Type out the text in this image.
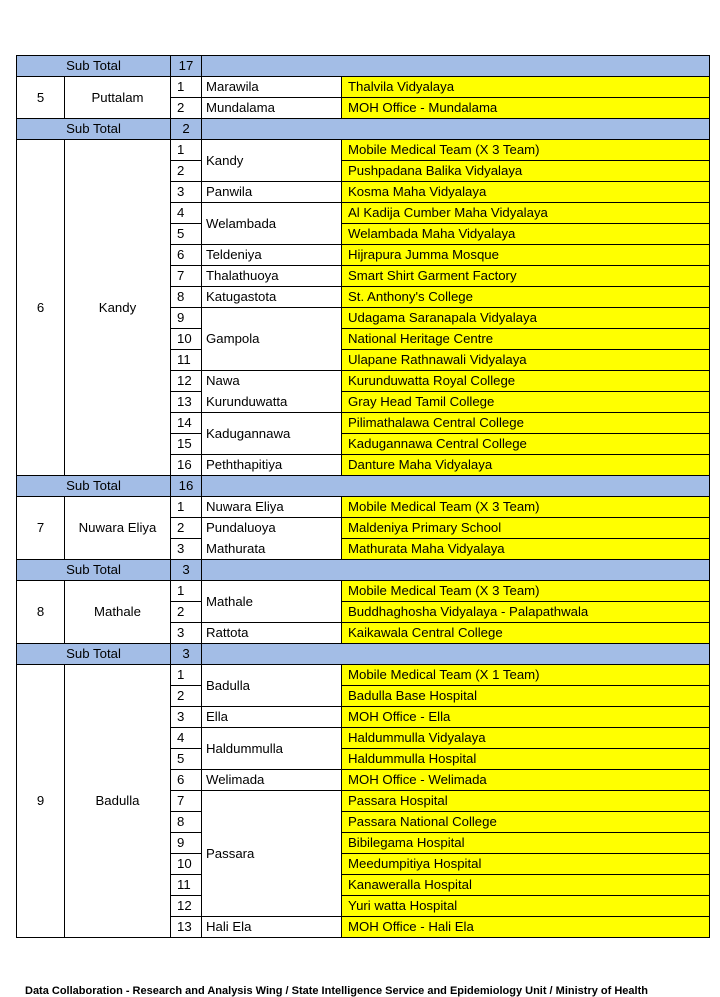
Sub Total		17		
5	Puttalam	1	Marawila	Thalvila Vidyalaya
		2	Mundalama	MOH Office - Mundalama
Sub Total		2		
6	Kandy	1	Kandy	Mobile Medical Team (X 3 Team)
		2		Pushpadana Balika Vidyalaya
		3	Panwila	Kosma Maha Vidyalaya
		4	Welambada	Al Kadija Cumber Maha Vidyalaya
		5		Welambada Maha Vidyalaya
		6	Teldeniya	Hijrapura Jumma Mosque
		7	Thalathuoya	Smart Shirt Garment Factory
		8	Katugastota	St. Anthony's College
		9	Gampola	Udagama Saranapala Vidyalaya
		10		National Heritage Centre
		11		Ulapane Rathnawali Vidyalaya
		12	Nawa	Kurunduwatta Royal College
		13	Kurunduwatta	Gray Head Tamil College
		14	Kadugannawa	Pilimathalawa Central College
		15		Kadugannawa Central College
		16	Peththapitiya	Danture Maha Vidyalaya
Sub Total		16		
7	Nuwara Eliya	1	Nuwara Eliya	Mobile Medical Team (X 3 Team)
		2	Pundaluoya	Maldeniya Primary School
		3	Mathurata	Mathurata Maha Vidyalaya
Sub Total		3		
8	Mathale	1	Mathale	Mobile Medical Team (X 3 Team)
		2		Buddhaghosha Vidyalaya - Palapathwala
		3	Rattota	Kaikawala Central College
Sub Total		3		
9	Badulla	1	Badulla	Mobile Medical Team (X 1 Team)
		2		Badulla Base Hospital
		3	Ella	MOH Office - Ella
		4	Haldummulla	Haldummulla Vidyalaya
		5		Haldummulla Hospital
		6	Welimada	MOH Office - Welimada
		7	Passara	Passara Hospital
		8		Passara National College
		9		Bibilegama Hospital
		10		Meedumpitiya Hospital
		11		Kanaweralla Hospital
		12		Yuri watta Hospital
		13	Hali Ela	MOH Office - Hali Ela
Data Collaboration - Research and Analysis Wing / State Intelligence Service and Epidemiology Unit / Ministry of Health
